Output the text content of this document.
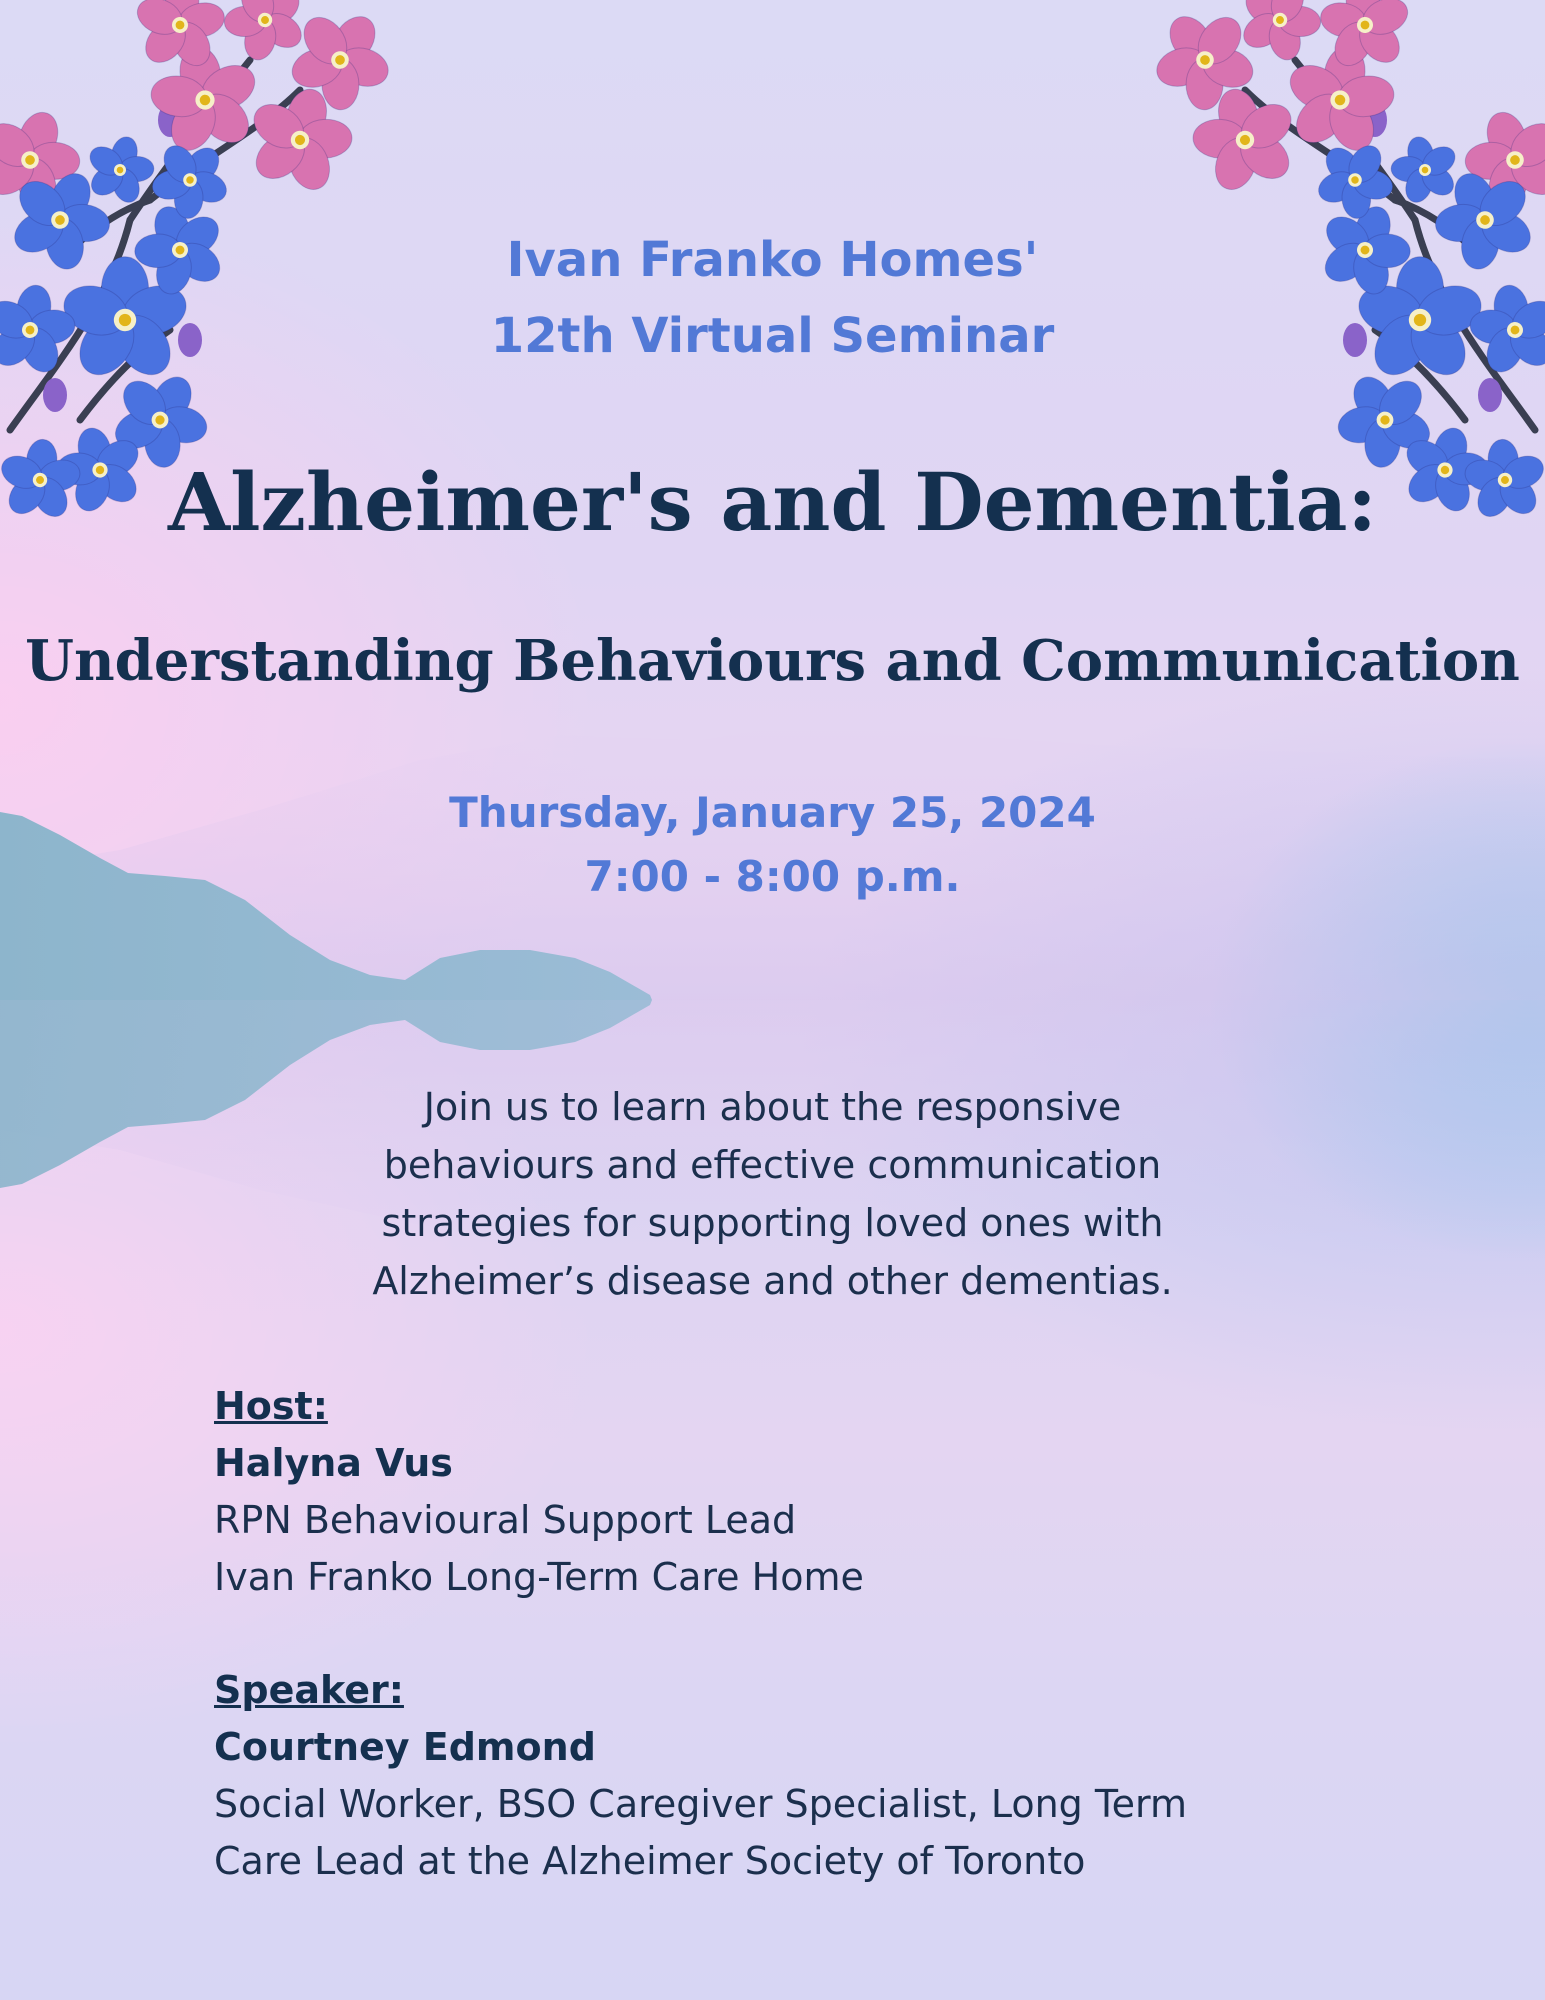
Ivan Franko Homes'

12th Virtual Seminar

Alzheimer's and Dementia:
Understanding Behaviours and Communication

Thursday, January 25, 2024

7:00 - 8:00 p.m.

Join us to learn about the responsive

behaviours and effective communication

strategies for supporting loved ones with

Alzheimer’s disease and other dementias.

Host:
Halyna Vus
RPN Behavioural Support Lead
Ivan Franko Long-Term Care Home
Speaker:
Courtney Edmond
Social Worker, BSO Caregiver Specialist, Long Term
Care Lead at the Alzheimer Society of Toronto
